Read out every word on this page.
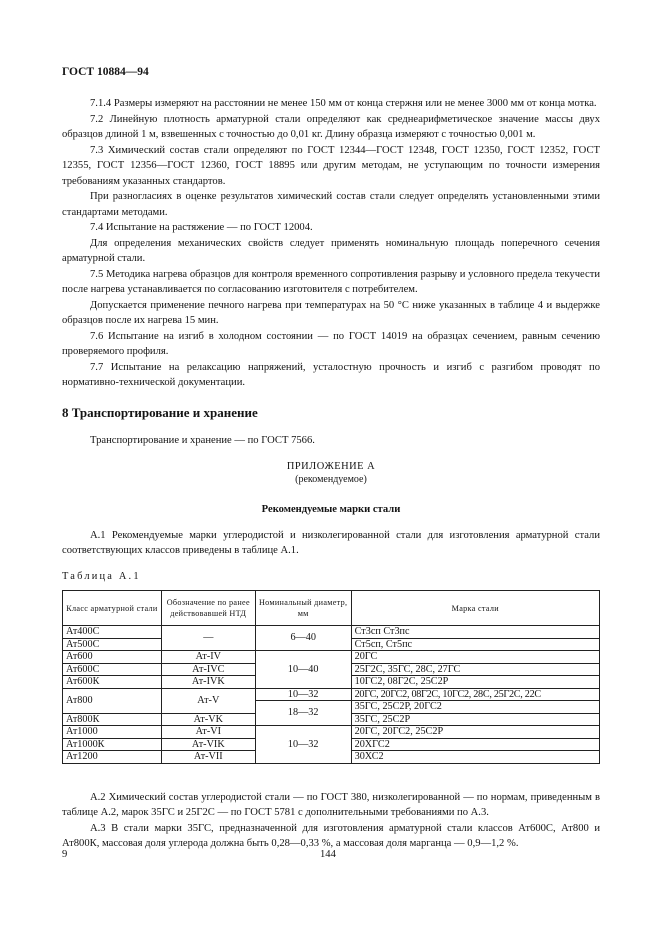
ГОСТ 10884—94

7.1.4 Размеры измеряют на расстоянии не менее 150 мм от конца стержня или не менее 3000 мм от конца мотка.

7.2 Линейную плотность арматурной стали определяют как среднеарифметическое значение массы двух образцов длиной 1 м, взвешенных с точностью до 0,01 кг. Длину образца измеряют с точностью 0,001 м.

7.3 Химический состав стали определяют по ГОСТ 12344—ГОСТ 12348, ГОСТ 12350, ГОСТ 12352, ГОСТ 12355, ГОСТ 12356—ГОСТ 12360, ГОСТ 18895 или другим методам, не уступающим по точности измерения требованиям указанных стандартов.

При разногласиях в оценке результатов химический состав стали следует определять установленными этими стандартами методами.

7.4 Испытание на растяжение — по ГОСТ 12004.

Для определения механических свойств следует применять номинальную площадь поперечного сечения арматурной стали.

7.5 Методика нагрева образцов для контроля временного сопротивления разрыву и условного предела текучести после нагрева устанавливается по согласованию изготовителя с потребителем.

Допускается применение печного нагрева при температурах на 50 °С ниже указанных в таблице 4 и выдержке образцов после их нагрева 15 мин.

7.6 Испытание на изгиб в холодном состоянии — по ГОСТ 14019 на образцах сечением, равным сечению проверяемого профиля.

7.7 Испытание на релаксацию напряжений, усталостную прочность и изгиб с разгибом проводят по нормативно-технической документации.

8 Транспортирование и хранение

Транспортирование и хранение — по ГОСТ 7566.

ПРИЛОЖЕНИЕ А

(рекомендуемое)

Рекомендуемые марки стали

А.1 Рекомендуемые марки углеродистой и низколегированной стали для изготовления арматурной стали соответствующих классов приведены в таблице А.1.

Таблица А.1

Класс арматурной стали	Обозначение по ранее действовавшей НТД	Номинальный диаметр, мм	Марка стали
Ат400С	—	6—40	Ст3сп Ст3пс
Ат500С			Ст5сп, Ст5пс
Ат600	Ат-IV	10—40	20ГС
Ат600С	Ат-IVC		25Г2С, 35ГС, 28С, 27ГС
Ат600К	Ат-IVK		10ГС2, 08Г2С, 25С2Р
Ат800	Ат-V	10—32	20ГС, 20ГС2, 08Г2С, 10ГС2, 28С, 25Г2С, 22С
		18—32	35ГС, 25С2Р, 20ГС2
Ат800К	Ат-VK		35ГС, 25С2Р
Ат1000	Ат-VI	10—32	20ГС, 20ГС2, 25С2Р
Ат1000К	Ат-VIK		20ХГС2
Ат1200	Ат-VII		30ХС2

А.2 Химический состав углеродистой стали — по ГОСТ 380, низколегированной — по нормам, приведенным в таблице А.2, марок 35ГС и 25Г2С — по ГОСТ 5781 с дополнительными требованиями по А.3.

А.3 В стали марки 35ГС, предназначенной для изготовления арматурной стали классов Ат600С, Ат800 и Ат800К, массовая доля углерода должна быть 0,28—0,33 %, а массовая доля марганца — 0,9—1,2 %.

9	144
